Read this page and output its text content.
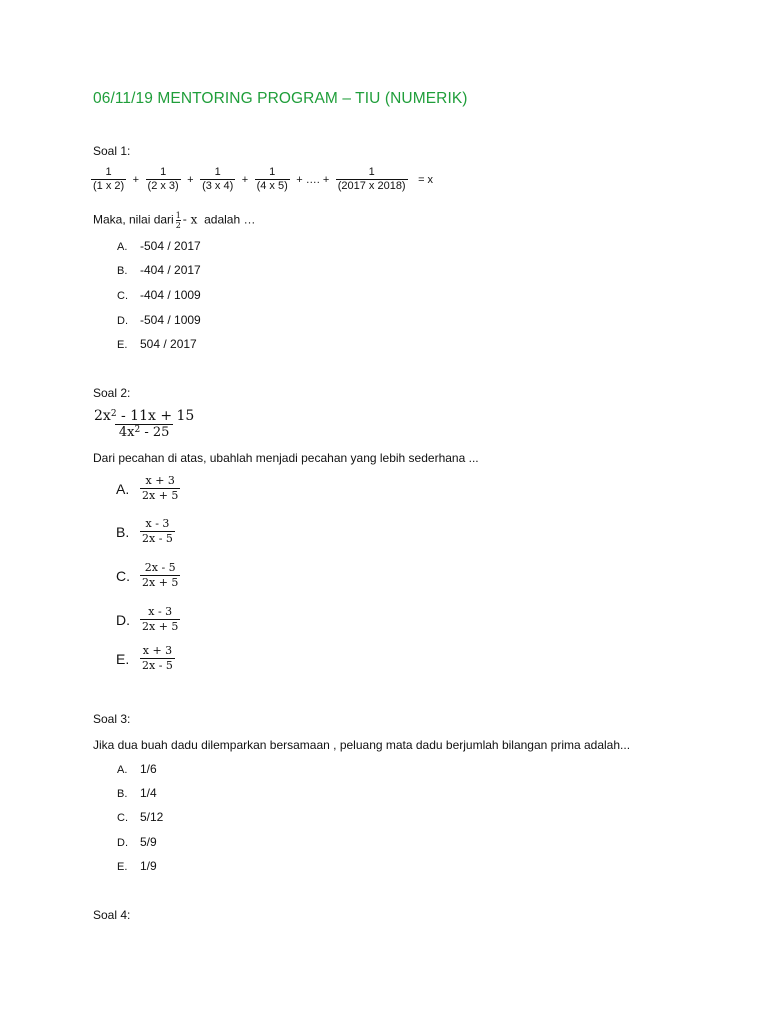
06/11/19 MENTORING PROGRAM – TIU (NUMERIK)
Soal 1:
$\frac{1}{(1 x 2)} + \frac{1}{(2 x 3)} + \frac{1}{(3 x 4)} + \frac{1}{(4 x 5)}$ + …. + $\frac{1}{(2017 x 2018)} = x$
Maka, nilai dari $\frac{1}{2}$ - x adalah …
A. -504 / 2017
B. -404 / 2017
C. -404 / 1009
D. -504 / 1009
E. 504 / 2017
Soal 2:
$2x^2 - 11x + 15$
$4x^2 - 25$
Dari pecahan di atas, ubahlah menjadi pecahan yang lebih sederhana ...
A.	x + 3
2x + 5
B.	x - 3
2x - 5
C.	2x - 5
2x + 5
D.	x - 3
2x + 5
E.	x + 3
2x - 5
Soal 3:
Jika dua buah dadu dilemparkan bersamaan , peluang mata dadu berjumlah bilangan prima adalah...
A. 1/6
B. 1/4
C. 5/12
D. 5/9
E. 1/9
Soal 4:
